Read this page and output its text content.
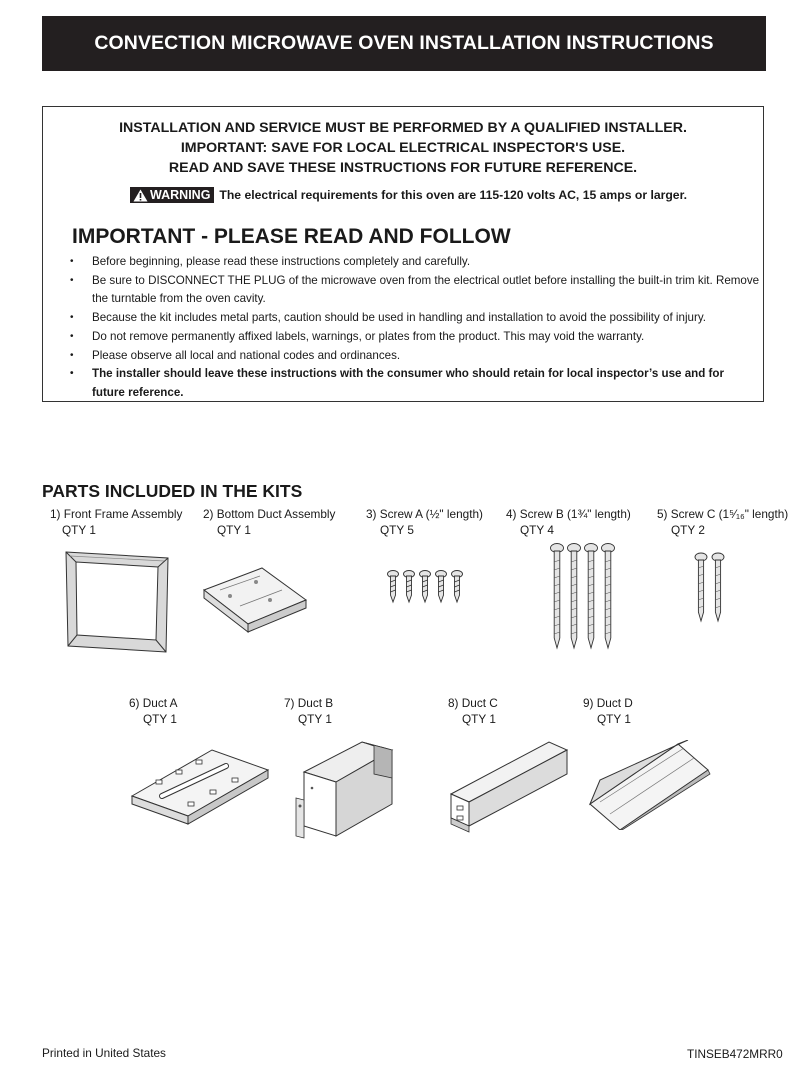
CONVECTION MICROWAVE OVEN INSTALLATION INSTRUCTIONS
INSTALLATION AND SERVICE MUST BE PERFORMED BY A QUALIFIED INSTALLER.
IMPORTANT: SAVE FOR LOCAL ELECTRICAL INSPECTOR'S USE.
READ AND SAVE THESE INSTRUCTIONS FOR FUTURE REFERENCE.
WARNING The electrical requirements for this oven are 115-120 volts AC, 15 amps or larger.
IMPORTANT - PLEASE READ AND FOLLOW
• Before beginning, please read these instructions completely and carefully.
• Be sure to DISCONNECT THE PLUG of the microwave oven from the electrical outlet before installing the built-in trim kit. Remove the turntable from the oven cavity.
• Because the kit includes metal parts, caution should be used in handling and installation to avoid the possibility of injury.
• Do not remove permanently affixed labels, warnings, or plates from the product. This may void the warranty.
• Please observe all local and national codes and ordinances.
• The installer should leave these instructions with the consumer who should retain for local inspector’s use and for future reference.
PARTS INCLUDED IN THE KITS
1) Front Frame Assembly
QTY 1
2) Bottom Duct Assembly
QTY 1
3) Screw A (½" length)
QTY 5
4) Screw B (1¾" length)
QTY 4
5) Screw C (1⁵⁄₁₆" length)
QTY 2
6) Duct A
QTY 1
7) Duct B
QTY 1
8) Duct C
QTY 1
9) Duct D
QTY 1
Printed in United States	TINSEB472MRR0
